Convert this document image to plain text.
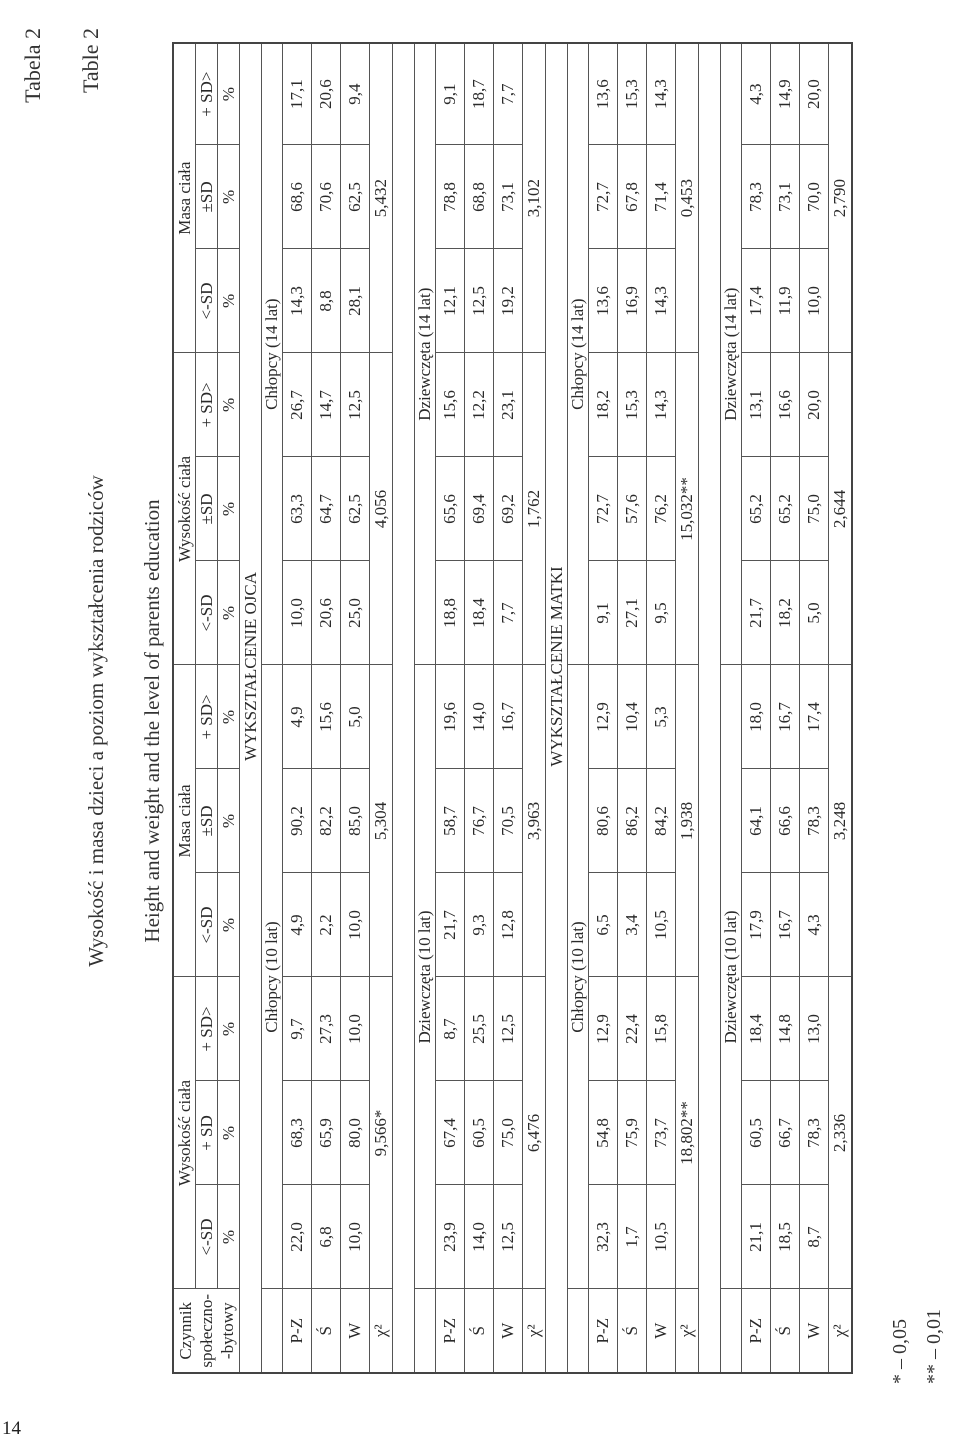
14
Tabela 2 Table 2
Wysokość i masa dzieci a poziom wykształcenia rodziców Height and weight and the level of parents education
Czynnik społeczno- -bytowy	Wysokość ciała			Masa ciała			Wysokość ciała			Masa ciała		
	<-SD	+ SD	+ SD>	<-SD	±SD	+ SD>	<-SD	±SD	+ SD>	<-SD	±SD	+ SD>
	%	%	%	%	%	%	%	%	%	%	%	%
	WYKSZTAŁCENIE OJCA											
	Chłopcy (10 lat)						Chłopcy (14 lat)					
P-Z	22,0	68,3	9,7	4,9	90,2	4,9	10,0	63,3	26,7	14,3	68,6	17,1
Ś	6,8	65,9	27,3	2,2	82,2	15,6	20,6	64,7	14,7	8,8	70,6	20,6
W	10,0	80,0	10,0	10,0	85,0	5,0	25,0	62,5	12,5	28,1	62,5	9,4
χ²	9,566*			5,304			4,056			5,432		

	Dziewczęta (10 lat)						Dziewczęta (14 lat)					
P-Z	23,9	67,4	8,7	21,7	58,7	19,6	18,8	65,6	15,6	12,1	78,8	9,1
Ś	14,0	60,5	25,5	9,3	76,7	14,0	18,4	69,4	12,2	12,5	68,8	18,7
W	12,5	75,0	12,5	12,8	70,5	16,7	7,7	69,2	23,1	19,2	73,1	7,7
χ²	6,476			3,963			1,762			3,102		
	WYKSZTAŁCENIE MATKI											
	Chłopcy (10 lat)						Chłopcy (14 lat)					
P-Z	32,3	54,8	12,9	6,5	80,6	12,9	9,1	72,7	18,2	13,6	72,7	13,6
Ś	1,7	75,9	22,4	3,4	86,2	10,4	27,1	57,6	15,3	16,9	67,8	15,3
W	10,5	73,7	15,8	10,5	84,2	5,3	9,5	76,2	14,3	14,3	71,4	14,3
χ²	18,802**			1,938			15,032**			0,453		

	Dziewczęta (10 lat)						Dziewczęta (14 lat)					
P-Z	21,1	60,5	18,4	17,9	64,1	18,0	21,7	65,2	13,1	17,4	78,3	4,3
Ś	18,5	66,7	14,8	16,7	66,6	16,7	18,2	65,2	16,6	11,9	73,1	14,9
W	8,7	78,3	13,0	4,3	78,3	17,4	5,0	75,0	20,0	10,0	70,0	20,0
χ²	2,336			3,248			2,644			2,790		
* – 0,05 ** – 0,01
